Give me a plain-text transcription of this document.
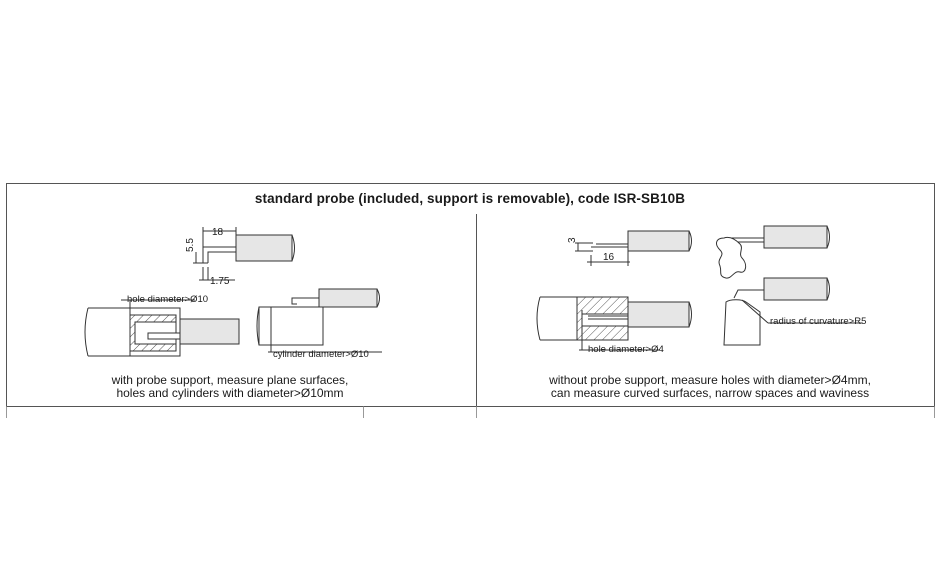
18
5.5
1.75
hole diameter>Ø10
cylinder diameter>Ø10
3
16
hole diameter>Ø4
radius of curvature>R5
standard probe (included, support is removable), code ISR-SB10B
with probe support, measure plane surfaces,
holes and cylinders with diameter>Ø10mm
without probe support, measure holes with diameter>Ø4mm,
can measure curved surfaces, narrow spaces and waviness
